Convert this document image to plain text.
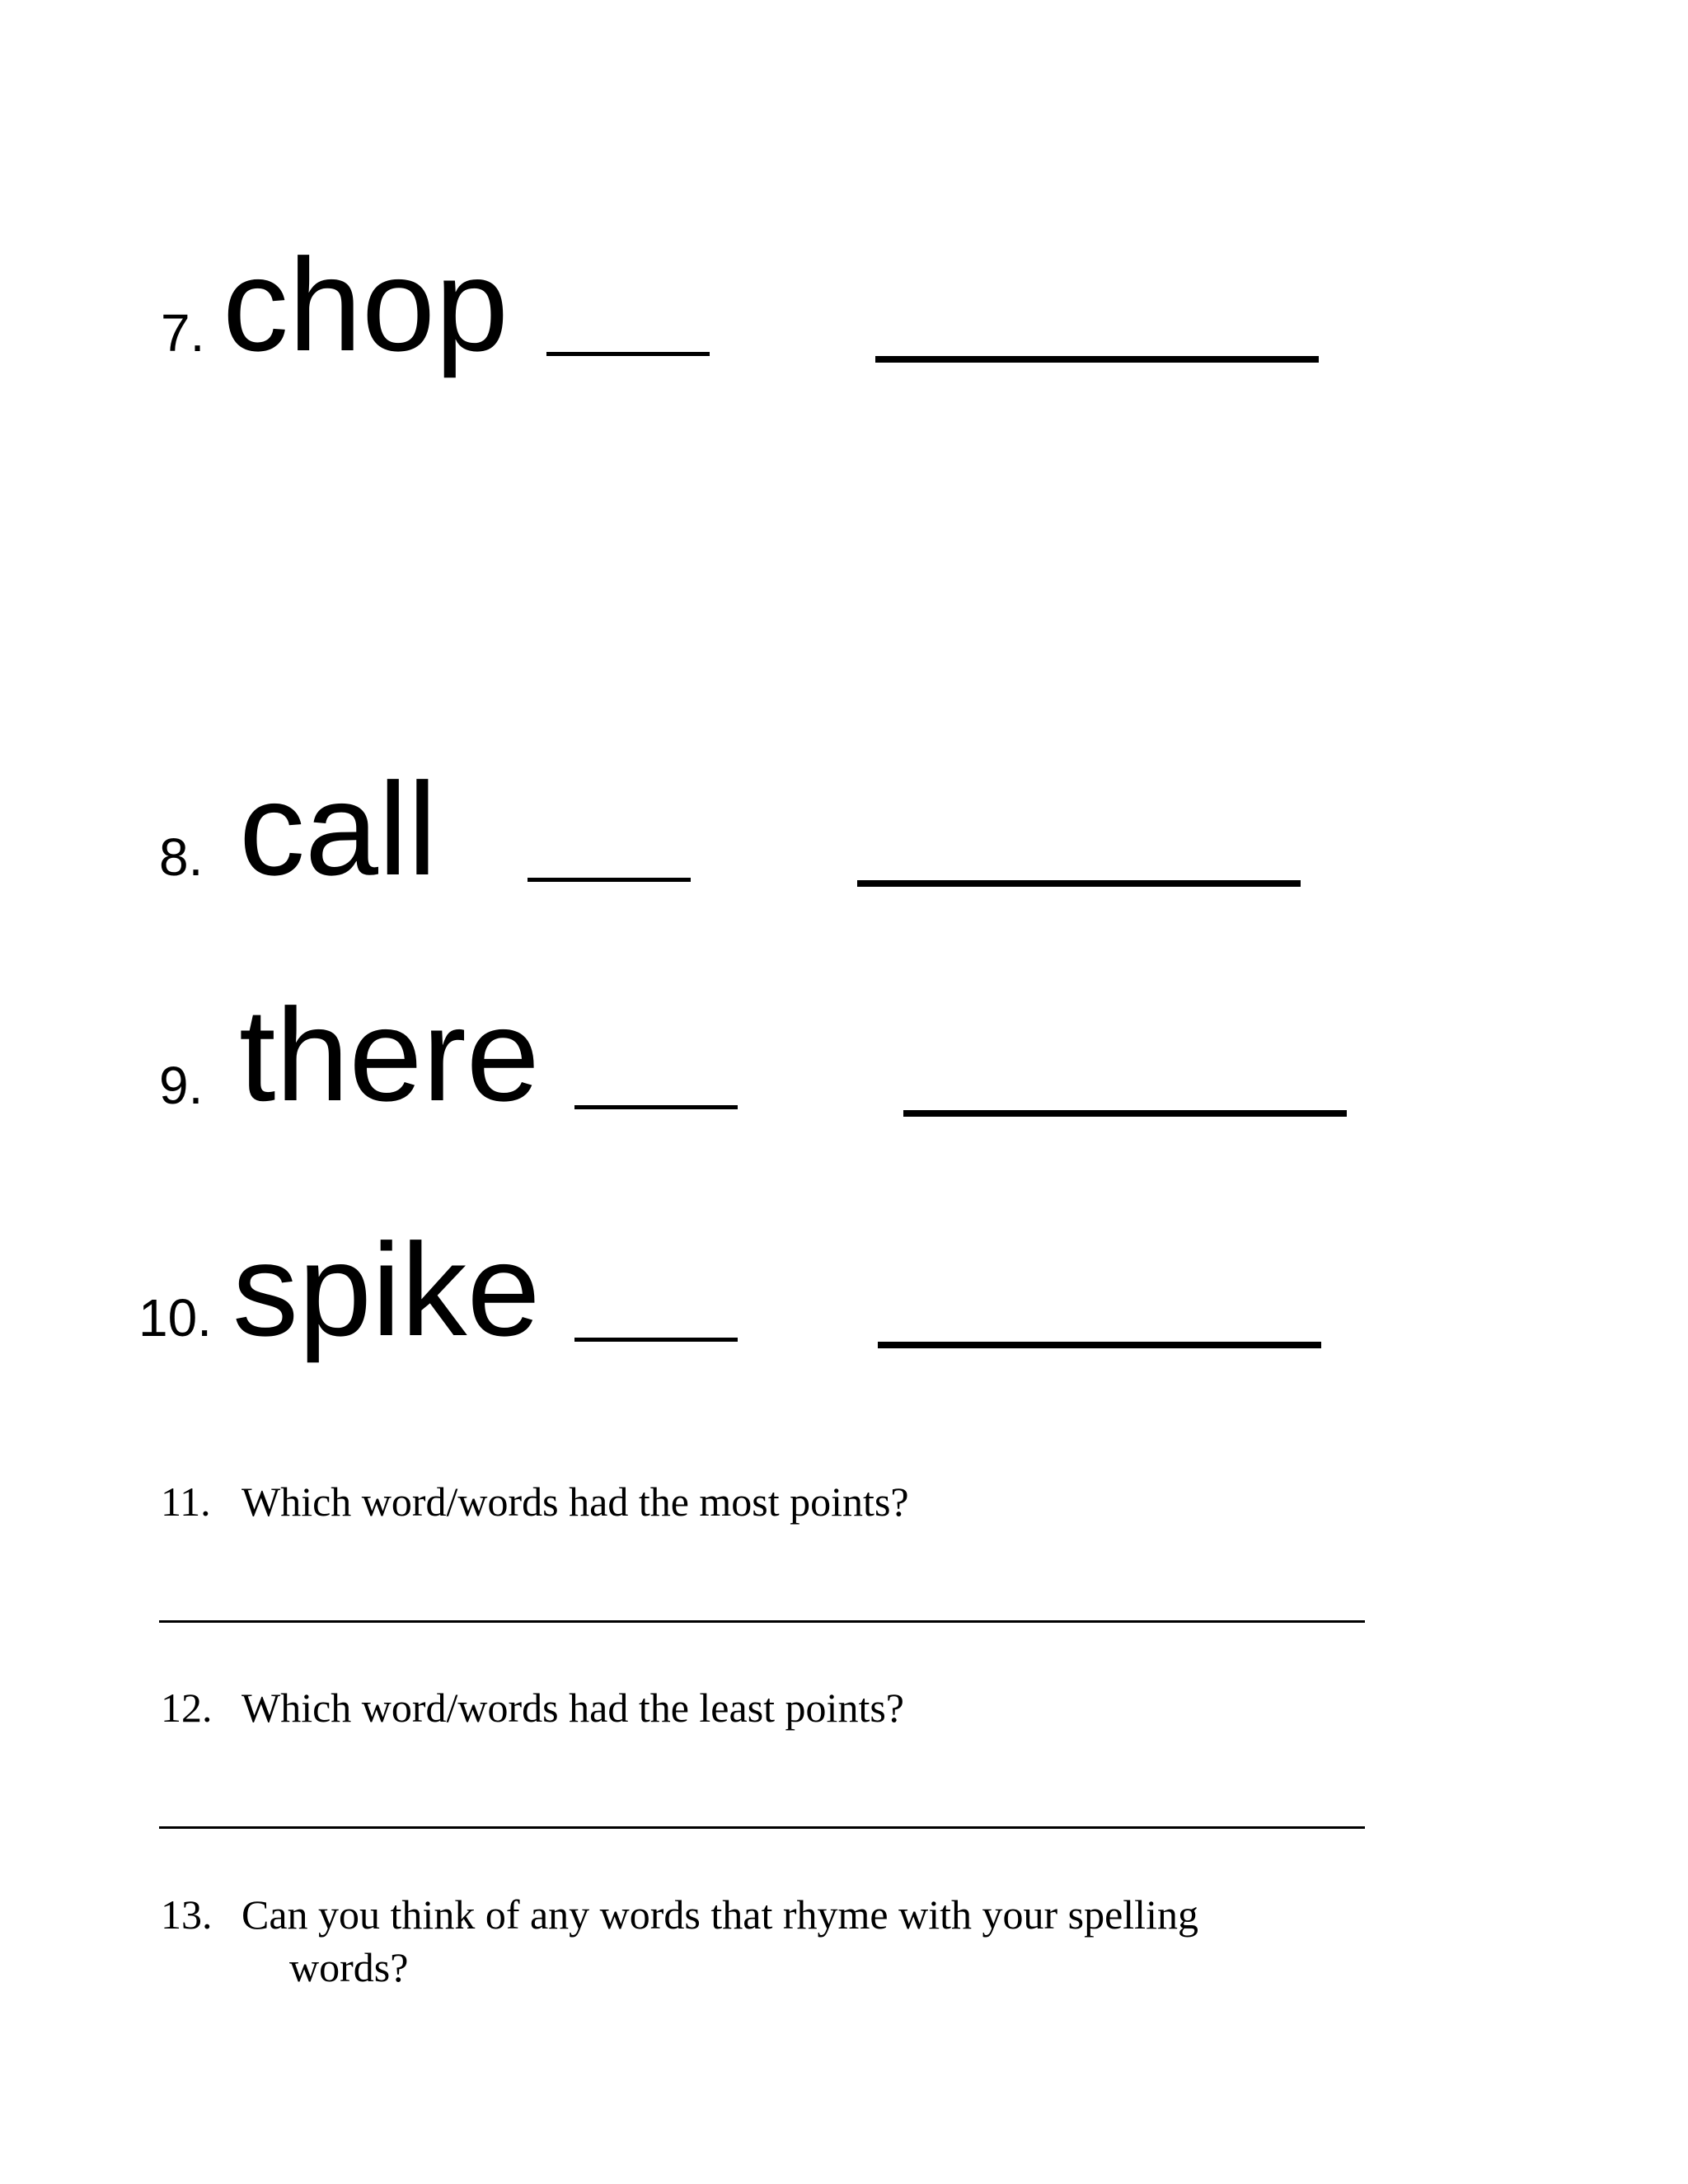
7. chop
8. call
9. there
10. spike
11. Which word/words had the most points?
12. Which word/words had the least points?
13. Can you think of any words that rhyme with your spelling
words?
